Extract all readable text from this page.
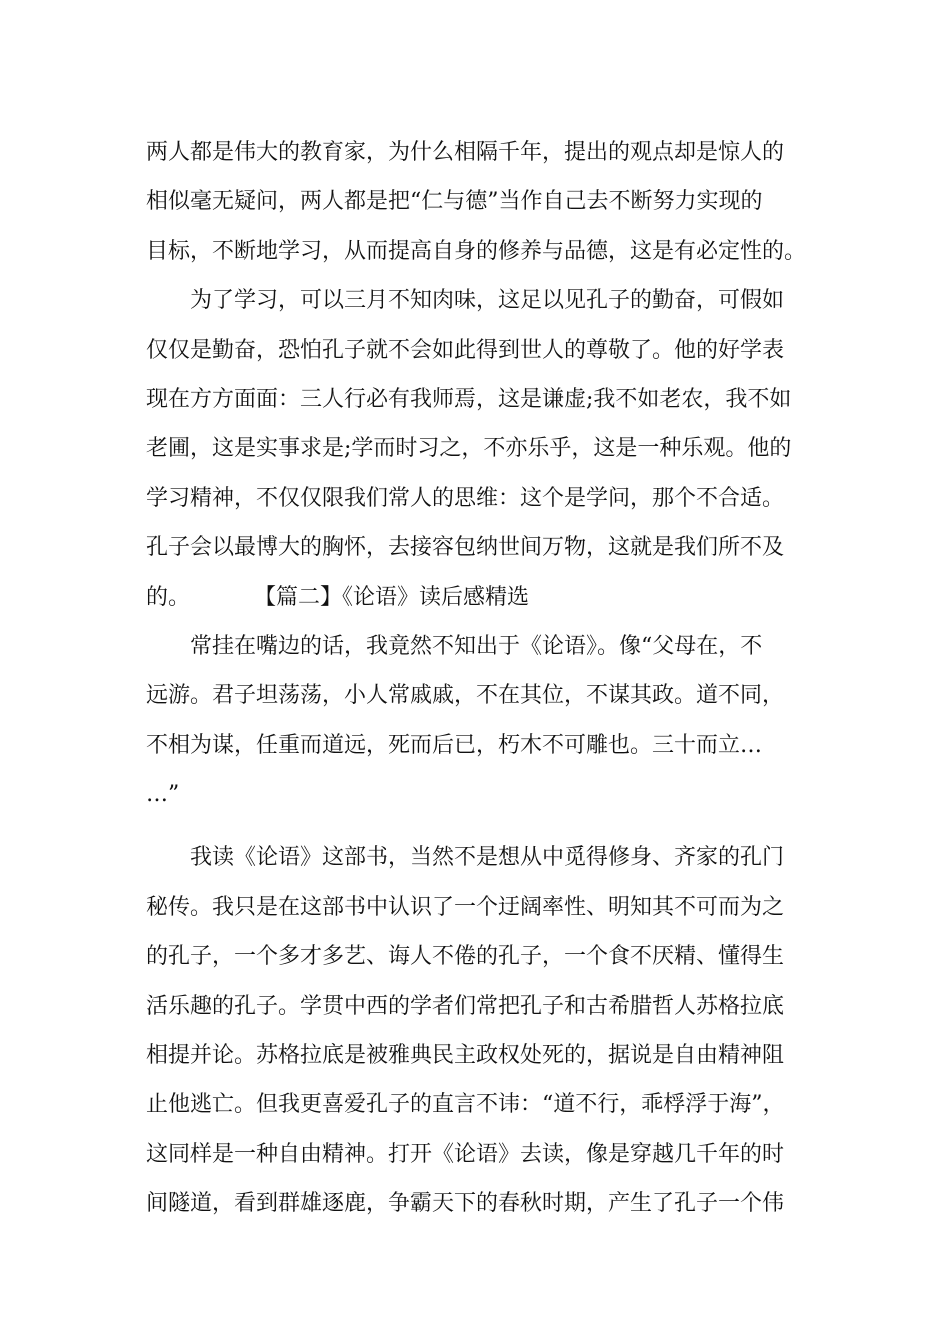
两人都是伟大的教育家，为什么相隔千年，提出的观点却是惊人的
相似毫无疑问，两人都是把“仁与德”当作自己去不断努力实现的
目标，不断地学习，从而提高自身的修养与品德，这是有必定性的。
　　为了学习，可以三月不知肉味，这足以见孔子的勤奋，可假如
仅仅是勤奋，恐怕孔子就不会如此得到世人的尊敬了。他的好学表
现在方方面面：三人行必有我师焉，这是谦虚;我不如老农，我不如
老圃，这是实事求是;学而时习之，不亦乐乎，这是一种乐观。他的
学习精神，不仅仅限我们常人的思维：这个是学问，那个不合适。
孔子会以最博大的胸怀，去接容包纳世间万物，这就是我们所不及
的。	【篇二】《论语》读后感精选
　　常挂在嘴边的话，我竟然不知出于《论语》。像“父母在，不
远游。君子坦荡荡，小人常戚戚，不在其位，不谋其政。道不同，
不相为谋，任重而道远，死而后已，朽木不可雕也。三十而立…
…”
　　我读《论语》这部书，当然不是想从中觅得修身、齐家的孔门
秘传。我只是在这部书中认识了一个迂阔率性、明知其不可而为之
的孔子，一个多才多艺、诲人不倦的孔子，一个食不厌精、懂得生
活乐趣的孔子。学贯中西的学者们常把孔子和古希腊哲人苏格拉底
相提并论。苏格拉底是被雅典民主政权处死的，据说是自由精神阻
止他逃亡。但我更喜爱孔子的直言不讳：“道不行，乖桴浮于海”，
这同样是一种自由精神。打开《论语》去读，像是穿越几千年的时
间隧道，看到群雄逐鹿，争霸天下的春秋时期，产生了孔子一个伟
